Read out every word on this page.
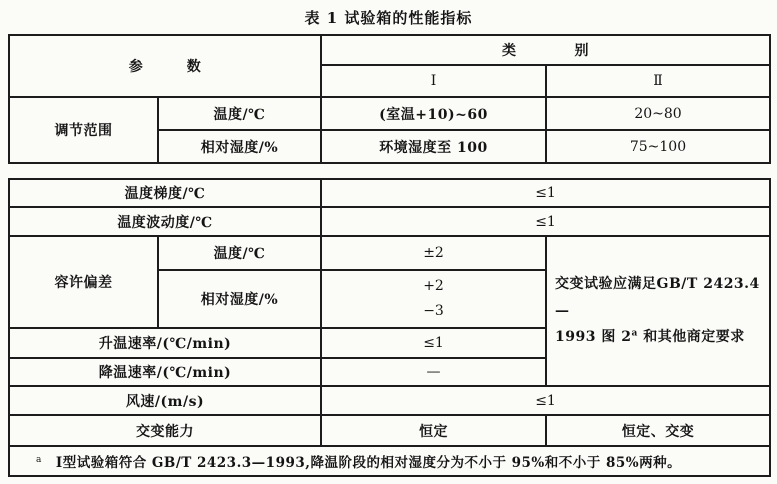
表 1 试验箱的性能指标
参　　　数		类　　　　别	
		Ⅰ	Ⅱ
调节范围	温度/℃	(室温+10)~60	20~80
	相对湿度/%	环境湿度至 100	75~100
温度梯度/℃		≤1	
温度波动度/℃		≤1	
容许偏差	温度/℃	±2	交变试验应满足GB/T 2423.4—
1993 图 2$^a$ 和其他商定要求

	相对湿度/%	+2
−3	

升温速率/(℃/min)		≤1	
降温速率/(℃/min)		—	
风速/(m/s)		≤1	
交变能力		恒定	恒定、交变
$^a$ Ⅰ型试验箱符合 GB/T 2423.3—1993,降温阶段的相对湿度分为不小于 95%和不小于 85%两种。			
